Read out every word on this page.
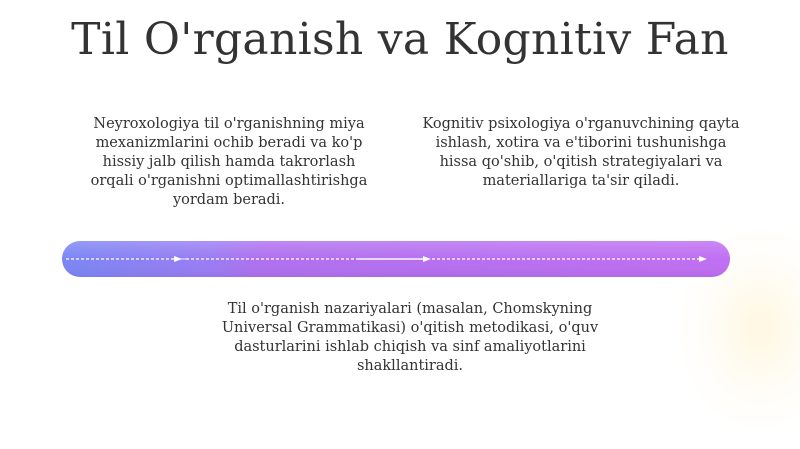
Til O'rganish va Kognitiv Fan

Neyroxologiya til o'rganishning miya mexanizmlarini ochib beradi va ko'p hissiy jalb qilish hamda takrorlash orqali o'rganishni optimallashtirishga yordam beradi.

Kognitiv psixologiya o'rganuvchining qayta ishlash, xotira va e'tiborini tushunishga hissa qo'shib, o'qitish strategiyalari va materiallariga ta'sir qiladi.

Til o'rganish nazariyalari (masalan, Chomskyning Universal Grammatikasi) o'qitish metodikasi, o'quv dasturlarini ishlab chiqish va sinf amaliyotlarini shakllantiradi.
